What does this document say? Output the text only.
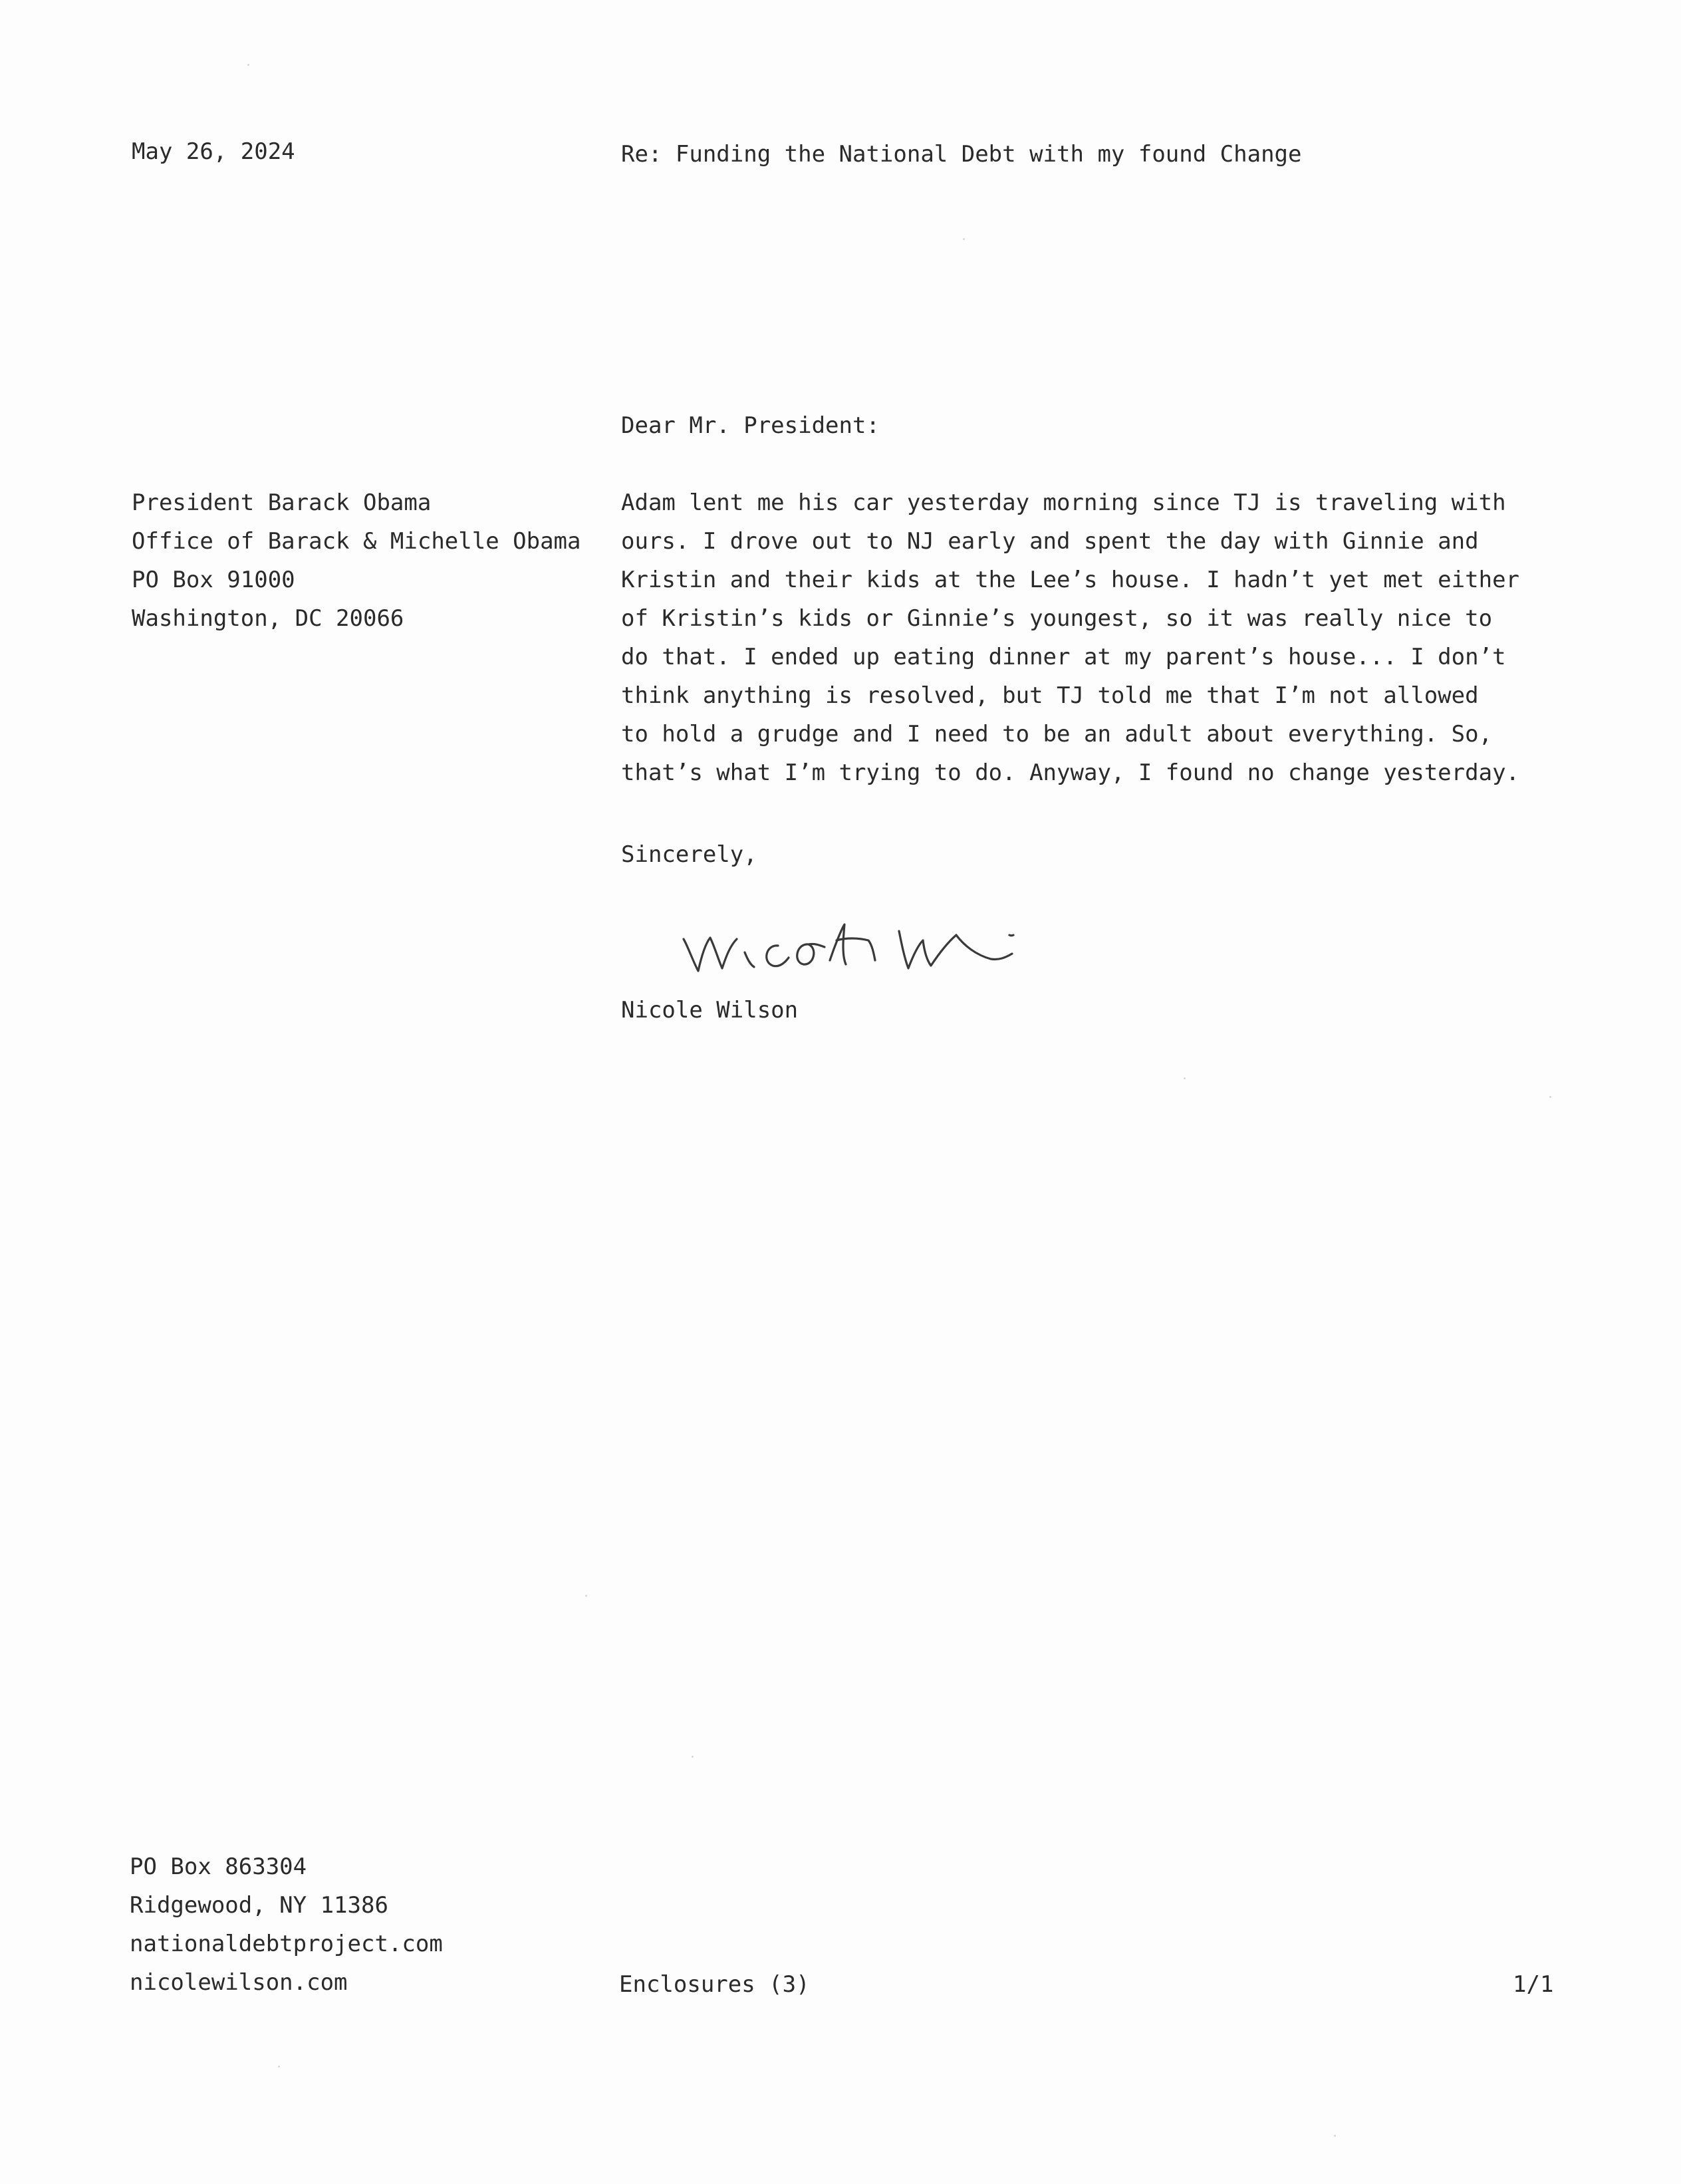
May 26, 2024	Re: Funding the National Debt with my found Change
Dear Mr. President:
President Barack Obama
Office of Barack & Michelle Obama
PO Box 91000
Washington, DC 20066
Adam lent me his car yesterday morning since TJ is traveling with
ours. I drove out to NJ early and spent the day with Ginnie and
Kristin and their kids at the Lee’s house. I hadn’t yet met either
of Kristin’s kids or Ginnie’s youngest, so it was really nice to
do that. I ended up eating dinner at my parent’s house... I don’t
think anything is resolved, but TJ told me that I’m not allowed
to hold a grudge and I need to be an adult about everything. So,
that’s what I’m trying to do. Anyway, I found no change yesterday.
Sincerely,
Nicole Wilson
PO Box 863304
Ridgewood, NY 11386
nationaldebtproject.com
nicolewilson.com	Enclosures (3)	1/1
